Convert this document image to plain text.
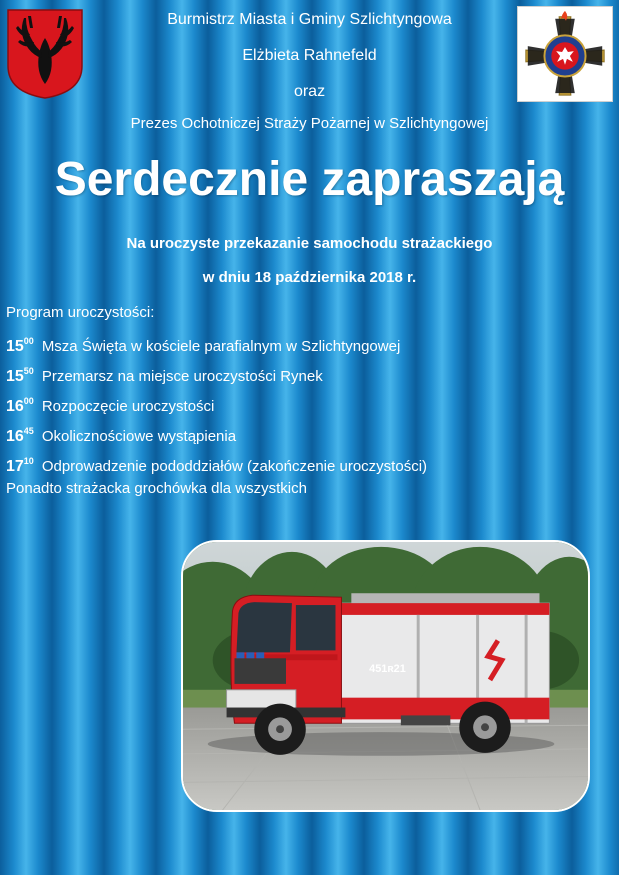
Burmistrz Miasta i Gminy Szlichtyngowa
Elżbieta Rahnefeld
oraz
Prezes Ochotniczej Straży Pożarnej w Szlichtyngowej
Serdecznie zapraszają
Na uroczyste przekazanie samochodu strażackiego
w dniu 18 października 2018 r.
Program uroczystości:
$15^{00}$ Msza Święta w kościele parafialnym w Szlichtyngowej
$15^{50}$ Przemarsz na miejsce uroczystości Rynek
$16^{00}$ Rozpoczęcie uroczystości
$16^{45}$ Okolicznościowe wystąpienia
$17^{10}$ Odprowadzenie pododdziałów (zakończenie uroczystości)
Ponadto strażacka grochówka dla wszystkich
451ʀ21
